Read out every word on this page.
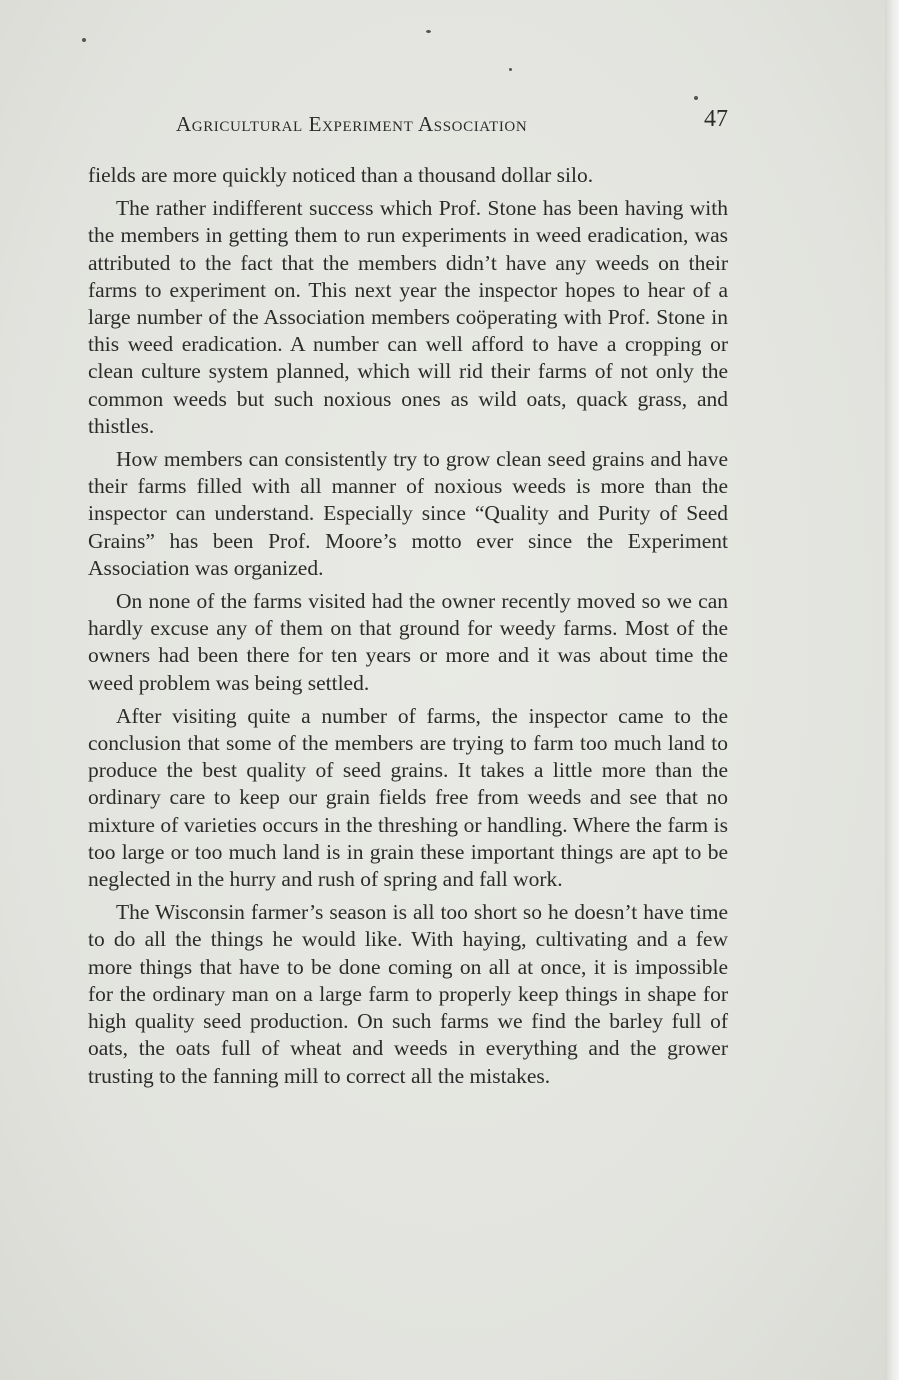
Agricultural Experiment Association	47

fields are more quickly noticed than a thousand dollar silo.

The rather indifferent success which Prof. Stone has been having with the members in getting them to run experiments in weed eradication, was attributed to the fact that the members didn’t have any weeds on their farms to experiment on. This next year the inspector hopes to hear of a large number of the Association members coöperating with Prof. Stone in this weed eradication. A number can well afford to have a cropping or clean culture system planned, which will rid their farms of not only the common weeds but such noxious ones as wild oats, quack grass, and thistles.

How members can consistently try to grow clean seed grains and have their farms filled with all manner of noxious weeds is more than the inspector can understand. Especially since “Quality and Purity of Seed Grains” has been Prof. Moore’s motto ever since the Experiment Association was organized.

On none of the farms visited had the owner recently moved so we can hardly excuse any of them on that ground for weedy farms. Most of the owners had been there for ten years or more and it was about time the weed problem was being settled.

After visiting quite a number of farms, the inspector came to the conclusion that some of the members are trying to farm too much land to produce the best quality of seed grains. It takes a little more than the ordinary care to keep our grain fields free from weeds and see that no mixture of varieties occurs in the threshing or handling. Where the farm is too large or too much land is in grain these important things are apt to be neglected in the hurry and rush of spring and fall work.

The Wisconsin farmer’s season is all too short so he doesn’t have time to do all the things he would like. With haying, cultivating and a few more things that have to be done coming on all at once, it is impossible for the ordinary man on a large farm to properly keep things in shape for high quality seed production. On such farms we find the barley full of oats, the oats full of wheat and weeds in everything and the grower trusting to the fanning mill to correct all the mistakes.
